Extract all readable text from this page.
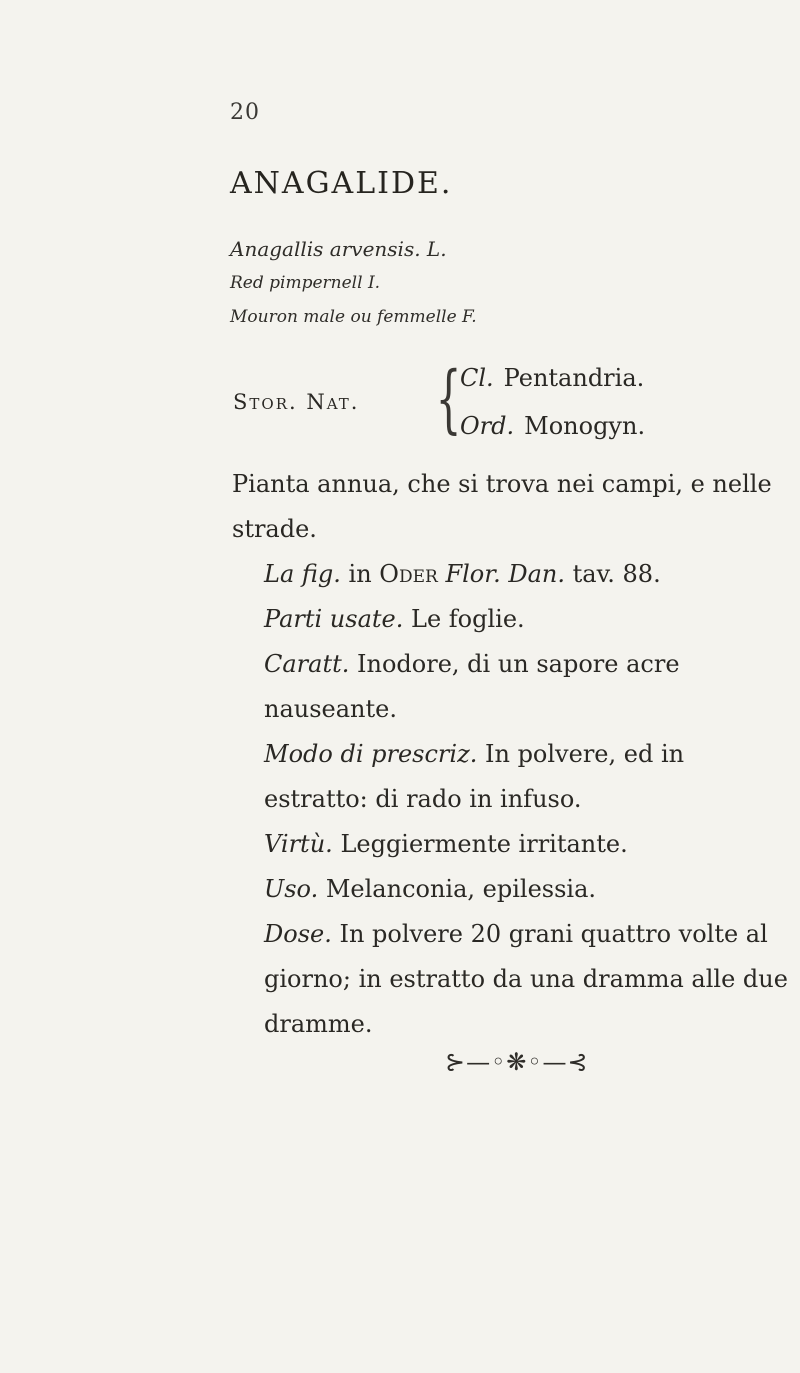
20
ANAGALIDE.
Anagallis arvensis. L.
Red pimpernell I.
Mouron male ou femmelle F.
Stor. Nat. {
Cl. Pentandria.
Ord. Monogyn.

Pianta annua, che si trova nei campi, e nelle strade.

La fig. in Oder Flor. Dan. tav. 88.

Parti usate. Le foglie.

Caratt. Inodore, di un sapore acre nauseante.

Modo di prescriz. In polvere, ed in estratto: di rado in infuso.

Virtù. Leggiermente irritante.

Uso. Melanconia, epilessia.

Dose. In polvere 20 grani quattro volte al giorno; in estratto da una dramma alle due dramme.

⊱—◦❋◦—⊰
